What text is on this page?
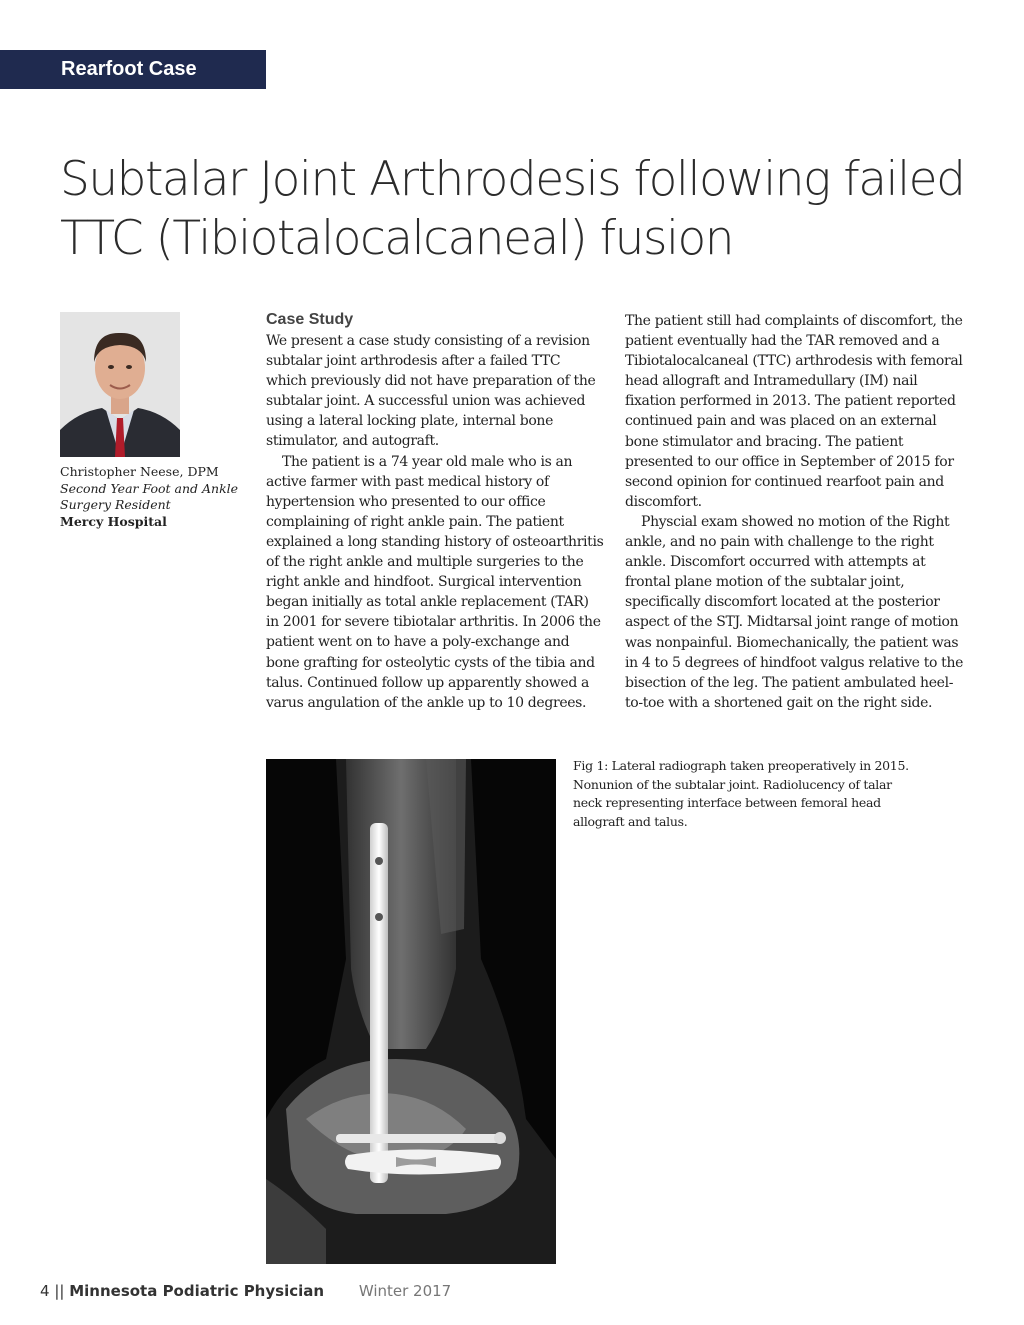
Rearfoot Case
Subtalar Joint Arthrodesis following failed
TTC (Tibiotalocalcaneal) fusion
Christopher Neese, DPM
Second Year Foot and Ankle
Surgery Resident
Mercy Hospital
Case Study

We present a case study consisting of a revision subtalar joint arthrodesis after a failed TTC which previously did not have preparation of the subtalar joint. A successful union was achieved using a lateral locking plate, internal bone stimulator, and autograft.

The patient is a 74 year old male who is an active farmer with past medical history of hypertension who presented to our office complaining of right ankle pain. The patient explained a long standing history of osteoarthritis of the right ankle and multiple surgeries to the right ankle and hindfoot. Surgical intervention began initially as total ankle replacement (TAR) in 2001 for severe tibiotalar arthritis. In 2006 the patient went on to have a poly-exchange and bone grafting for osteolytic cysts of the tibia and talus. Continued follow up apparently showed a varus angulation of the ankle up to 10 degrees.

The patient still had complaints of discomfort, the patient eventually had the TAR removed and a Tibiotalocalcaneal (TTC) arthrodesis with femoral head allograft and Intramedullary (IM) nail fixation performed in 2013. The patient reported continued pain and was placed on an external bone stimulator and bracing. The patient presented to our office in September of 2015 for second opinion for continued rearfoot pain and discomfort.

Physcial exam showed no motion of the Right ankle, and no pain with challenge to the right ankle. Discomfort occurred with attempts at frontal plane motion of the subtalar joint, specifically discomfort located at the posterior aspect of the STJ. Midtarsal joint range of motion was nonpainful. Biomechanically, the patient was in 4 to 5 degrees of hindfoot valgus relative to the bisection of the leg. The patient ambulated heel-to-toe with a shortened gait on the right side.

Fig 1: Lateral radiograph taken preoperatively in 2015. Nonunion of the subtalar joint. Radiolucency of talar neck representing interface between femoral head allograft and talus.

4 || Minnesota Podiatric Physician Winter 2017
